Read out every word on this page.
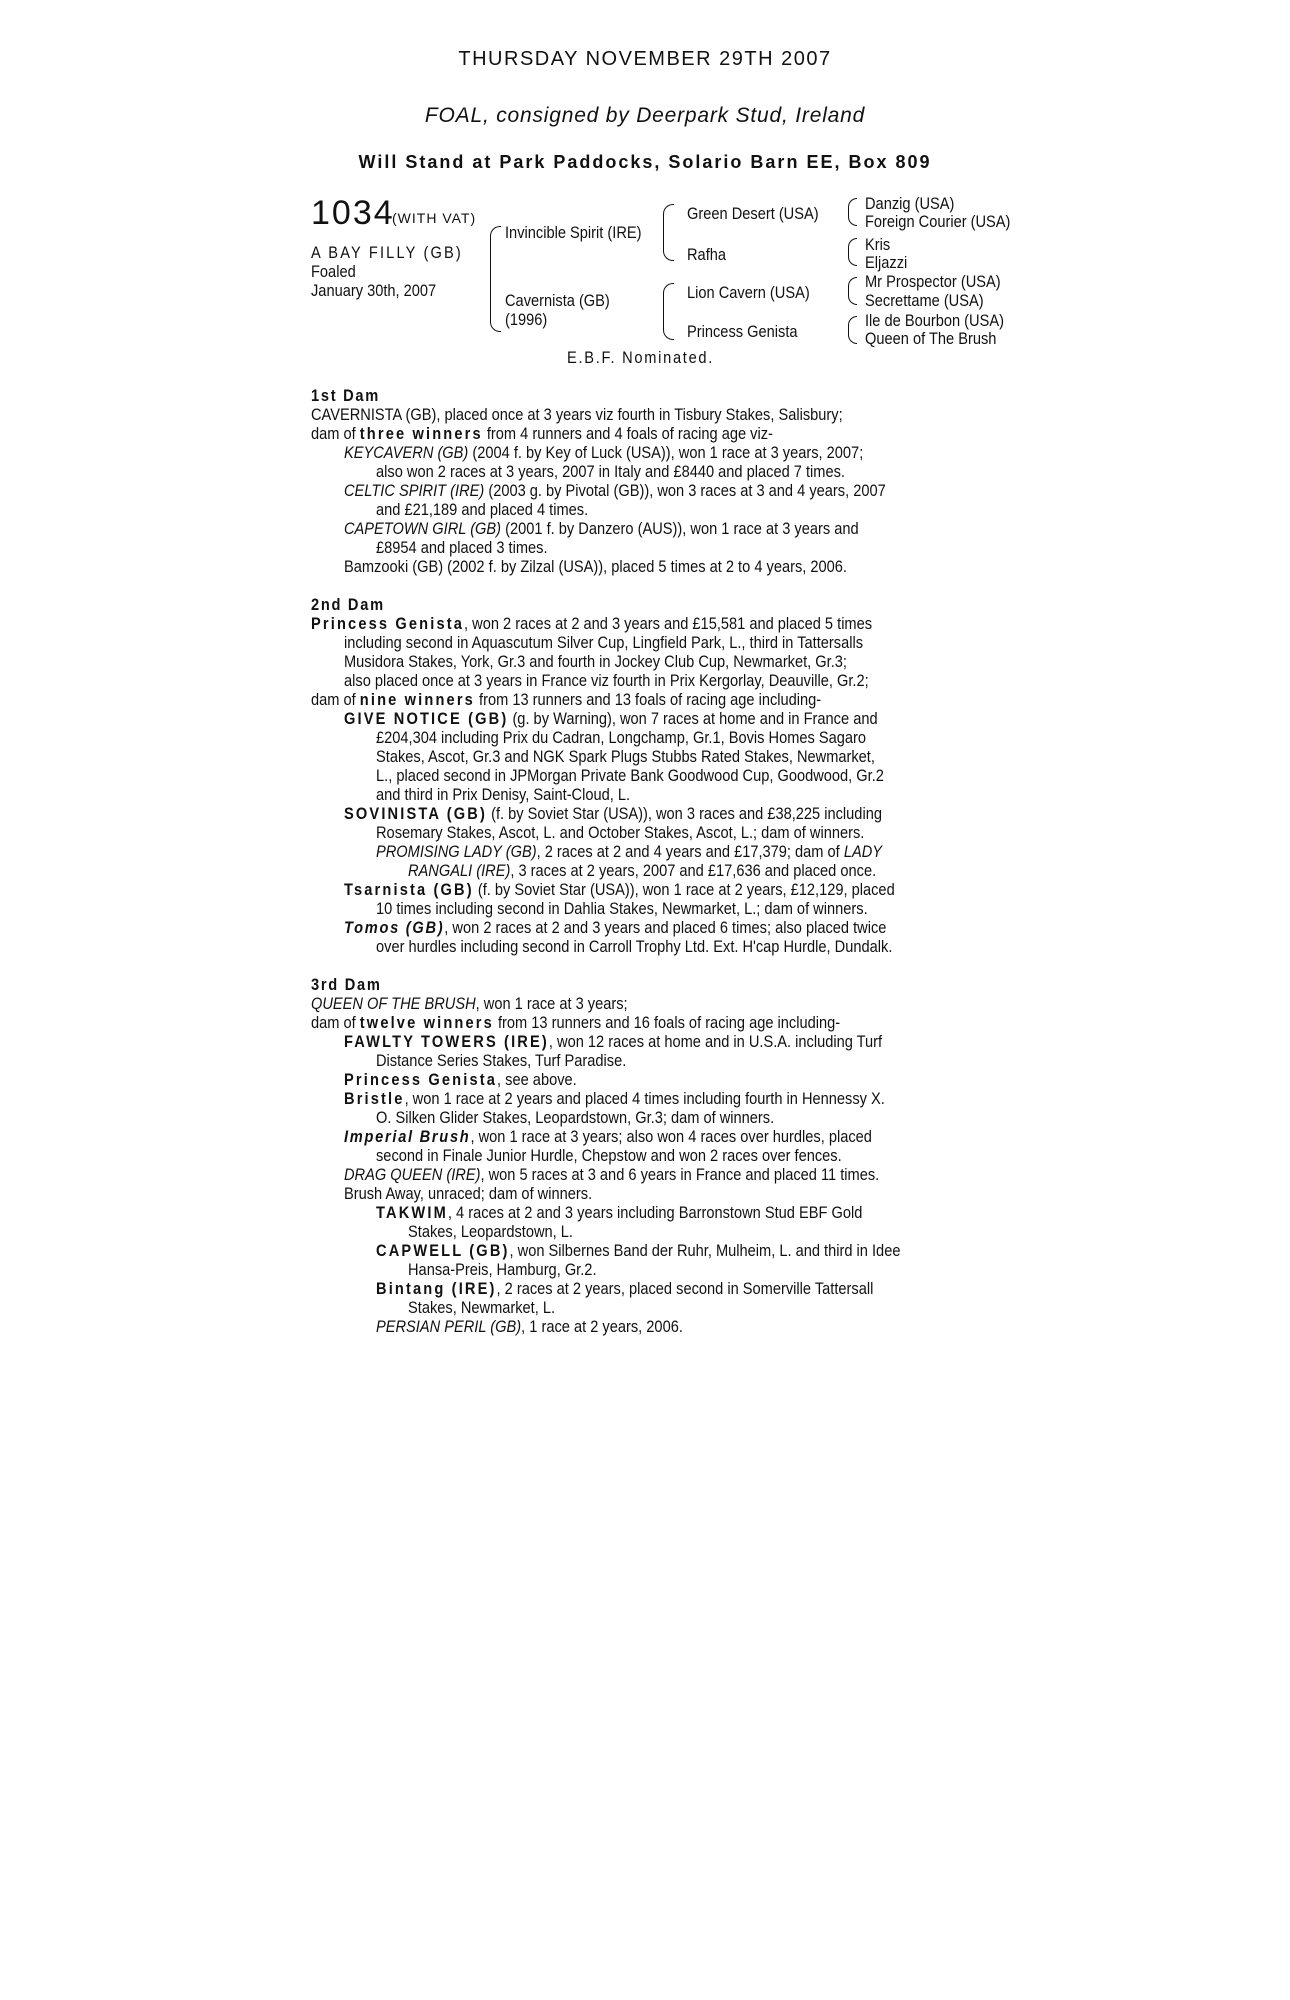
THURSDAY NOVEMBER 29TH 2007
FOAL, consigned by Deerpark Stud, Ireland
Will Stand at Park Paddocks, Solario Barn EE, Box 809
1034
(WITH VAT)
A BAY FILLY (GB)
Foaled
January 30th, 2007
Invincible Spirit (IRE)
Cavernista (GB)
(1996)
Green Desert (USA)
Rafha
Lion Cavern (USA)
Princess Genista
Danzig (USA)
Foreign Courier (USA)
Kris
Eljazzi
Mr Prospector (USA)
Secrettame (USA)
Ile de Bourbon (USA)
Queen of The Brush
E.B.F. Nominated.
1st Dam
CAVERNISTA (GB), placed once at 3 years viz fourth in Tisbury Stakes, Salisbury;
dam of three winners from 4 runners and 4 foals of racing age viz-
KEYCAVERN (GB) (2004 f. by Key of Luck (USA)), won 1 race at 3 years, 2007;
also won 2 races at 3 years, 2007 in Italy and £8440 and placed 7 times.
CELTIC SPIRIT (IRE) (2003 g. by Pivotal (GB)), won 3 races at 3 and 4 years, 2007
and £21,189 and placed 4 times.
CAPETOWN GIRL (GB) (2001 f. by Danzero (AUS)), won 1 race at 3 years and
£8954 and placed 3 times.
Bamzooki (GB) (2002 f. by Zilzal (USA)), placed 5 times at 2 to 4 years, 2006.
2nd Dam
Princess Genista, won 2 races at 2 and 3 years and £15,581 and placed 5 times
including second in Aquascutum Silver Cup, Lingfield Park, L., third in Tattersalls
Musidora Stakes, York, Gr.3 and fourth in Jockey Club Cup, Newmarket, Gr.3;
also placed once at 3 years in France viz fourth in Prix Kergorlay, Deauville, Gr.2;
dam of nine winners from 13 runners and 13 foals of racing age including-
GIVE NOTICE (GB) (g. by Warning), won 7 races at home and in France and
£204,304 including Prix du Cadran, Longchamp, Gr.1, Bovis Homes Sagaro
Stakes, Ascot, Gr.3 and NGK Spark Plugs Stubbs Rated Stakes, Newmarket,
L., placed second in JPMorgan Private Bank Goodwood Cup, Goodwood, Gr.2
and third in Prix Denisy, Saint-Cloud, L.
SOVINISTA (GB) (f. by Soviet Star (USA)), won 3 races and £38,225 including
Rosemary Stakes, Ascot, L. and October Stakes, Ascot, L.; dam of winners.
PROMISING LADY (GB), 2 races at 2 and 4 years and £17,379; dam of LADY
RANGALI (IRE), 3 races at 2 years, 2007 and £17,636 and placed once.
Tsarnista (GB) (f. by Soviet Star (USA)), won 1 race at 2 years, £12,129, placed
10 times including second in Dahlia Stakes, Newmarket, L.; dam of winners.
Tomos (GB), won 2 races at 2 and 3 years and placed 6 times; also placed twice
over hurdles including second in Carroll Trophy Ltd. Ext. H'cap Hurdle, Dundalk.
3rd Dam
QUEEN OF THE BRUSH, won 1 race at 3 years;
dam of twelve winners from 13 runners and 16 foals of racing age including-
FAWLTY TOWERS (IRE), won 12 races at home and in U.S.A. including Turf
Distance Series Stakes, Turf Paradise.
Princess Genista, see above.
Bristle, won 1 race at 2 years and placed 4 times including fourth in Hennessy X.
O. Silken Glider Stakes, Leopardstown, Gr.3; dam of winners.
Imperial Brush, won 1 race at 3 years; also won 4 races over hurdles, placed
second in Finale Junior Hurdle, Chepstow and won 2 races over fences.
DRAG QUEEN (IRE), won 5 races at 3 and 6 years in France and placed 11 times.
Brush Away, unraced; dam of winners.
TAKWIM, 4 races at 2 and 3 years including Barronstown Stud EBF Gold
Stakes, Leopardstown, L.
CAPWELL (GB), won Silbernes Band der Ruhr, Mulheim, L. and third in Idee
Hansa-Preis, Hamburg, Gr.2.
Bintang (IRE), 2 races at 2 years, placed second in Somerville Tattersall
Stakes, Newmarket, L.
PERSIAN PERIL (GB), 1 race at 2 years, 2006.
